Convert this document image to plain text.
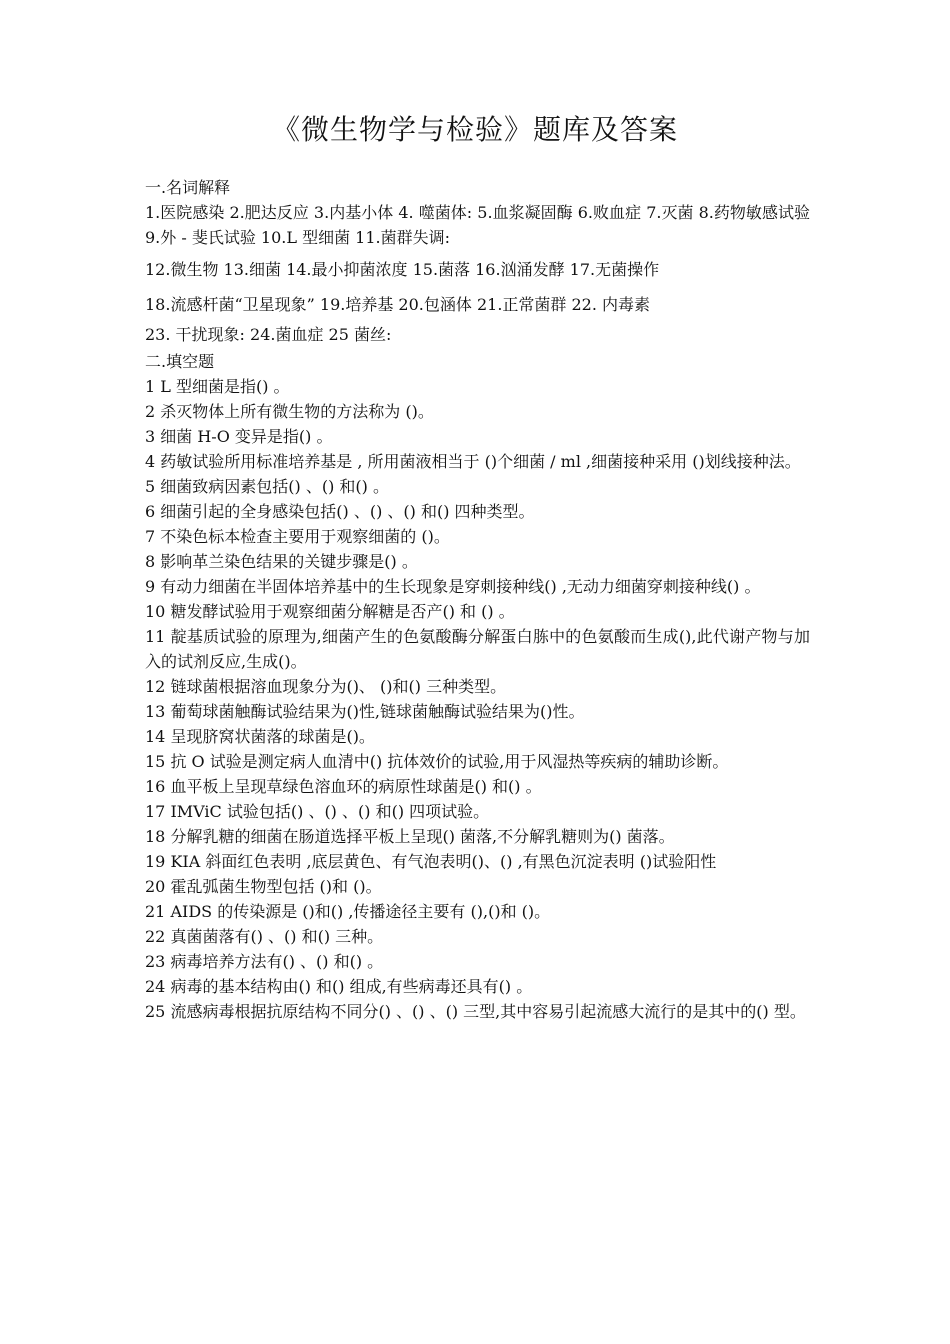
《微生物学与检验》题库及答案

一.名词解释

1.医院感染 2.肥达反应 3.内基小体 4. 噬菌体: 5.血浆凝固酶 6.败血症 7.灭菌 8.药物敏感试验 9.外 - 斐氏试验 10.L 型细菌 11.菌群失调:

12.微生物 13.细菌 14.最小抑菌浓度 15.菌落 16.汹涌发酵 17.无菌操作

18.流感杆菌“卫星现象” 19.培养基 20.包涵体 21.正常菌群 22. 内毒素

23. 干扰现象: 24.菌血症 25 菌丝:

二.填空题

1 L 型细菌是指() 。

2 杀灭物体上所有微生物的方法称为 ()。

3 细菌 H-O 变异是指() 。

4 药敏试验所用标准培养基是 , 所用菌液相当于 ()个细菌 / ml ,细菌接种采用 ()划线接种法。

5 细菌致病因素包括() 、() 和() 。

6 细菌引起的全身感染包括() 、() 、() 和() 四种类型。

7 不染色标本检查主要用于观察细菌的 ()。

8 影响革兰染色结果的关键步骤是() 。

9 有动力细菌在半固体培养基中的生长现象是穿刺接种线() ,无动力细菌穿刺接种线() 。

10 糖发酵试验用于观察细菌分解糖是否产() 和 () 。

11 靛基质试验的原理为,细菌产生的色氨酸酶分解蛋白胨中的色氨酸而生成(),此代谢产物与加入的试剂反应,生成()。

12 链球菌根据溶血现象分为()、 ()和() 三种类型。

13 葡萄球菌触酶试验结果为()性,链球菌触酶试验结果为()性。

14 呈现脐窝状菌落的球菌是()。

15 抗 O 试验是测定病人血清中() 抗体效价的试验,用于风湿热等疾病的辅助诊断。

16 血平板上呈现草绿色溶血环的病原性球菌是() 和() 。

17 IMViC 试验包括() 、() 、() 和() 四项试验。

18 分解乳糖的细菌在肠道选择平板上呈现() 菌落,不分解乳糖则为() 菌落。

19 KIA 斜面红色表明 ,底层黄色、有气泡表明()、() ,有黑色沉淀表明 ()试验阳性

20 霍乱弧菌生物型包括 ()和 ()。

21 AIDS 的传染源是 ()和() ,传播途径主要有 (),()和 ()。

22 真菌菌落有() 、() 和() 三种。

23 病毒培养方法有() 、() 和() 。

24 病毒的基本结构由() 和() 组成,有些病毒还具有() 。

25 流感病毒根据抗原结构不同分() 、() 、() 三型,其中容易引起流感大流行的是其中的() 型。
